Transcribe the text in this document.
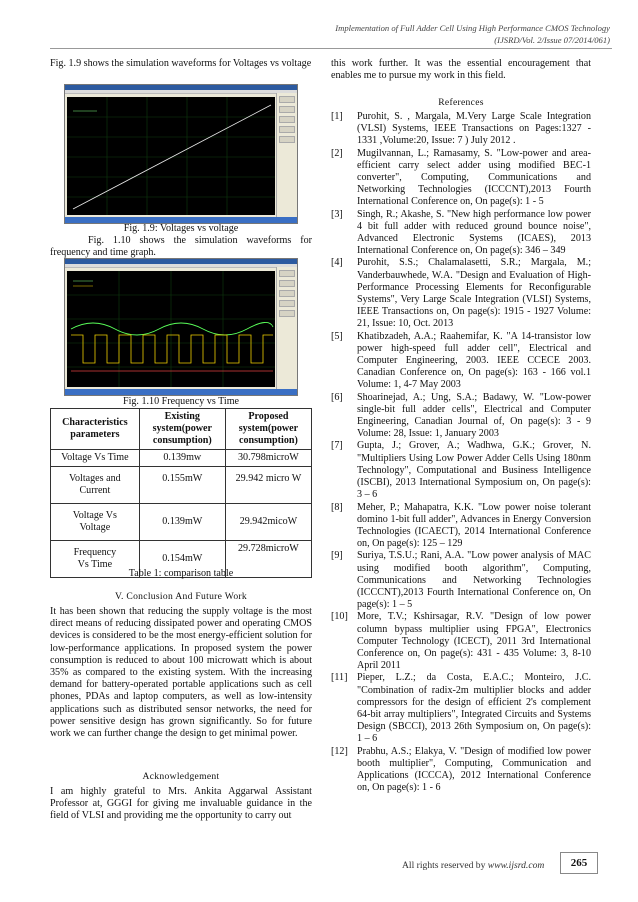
Implementation of Full Adder Cell Using High Performance CMOS Technology
(IJSRD/Vol. 2/Issue 07/2014/061)
Fig. 1.9 shows the simulation waveforms for Voltages vs voltage
Fig. 1.9: Voltages vs voltage
Fig. 1.10 shows the simulation waveforms for frequency and time graph.
Fig. 1.10 Frequency vs Time
Characteristics parameters	Existing system(power consumption)	Proposed system(power consumption)
Voltage Vs Time	0.139mw	30.798microW
Voltages and Current	0.155mW	29.942 micro W
Voltage Vs Voltage	0.139mW	29.942micoW
Frequency Vs Time	0.154mW	29.728microW
Table 1: comparison table
V. Conclusion And Future Work
It has been shown that reducing the supply voltage is the most direct means of reducing dissipated power and operating CMOS devices is considered to be the most energy-efficient solution for low-performance applications. In proposed system the power consumption is reduced to about 100 microwatt which is about 35% as compared to the existing system. With the increasing demand for battery-operated portable applications such as cell phones, PDAs and laptop computers, as well as low-intensity applications such as distributed sensor networks, the need for power sensitive design has grown significantly. So for future work we can further change the design to get minimal power.
Acknowledgement
I am highly grateful to Mrs. Ankita Aggarwal Assistant Professor at, GGGI for giving me invaluable guidance in the field of VLSI and providing me the opportunity to carry out
this work further. It was the essential encouragement that enables me to pursue my work in this field.
References
[1] Purohit, S. , Margala, M.Very Large Scale Integration (VLSI) Systems, IEEE Transactions on Pages:1327 - 1331 ,Volume:20, Issue: 7 ) July 2012 .
[2] Mugilvannan, L.; Ramasamy, S. "Low-power and area-efficient carry select adder using modified BEC-1 converter", Computing, Communications and Networking Technologies (ICCCNT),2013 Fourth International Conference on, On page(s): 1 - 5
[3] Singh, R.; Akashe, S. "New high performance low power 4 bit full adder with reduced ground bounce noise", Advanced Electronic Systems (ICAES), 2013 International Conference on, On page(s): 346 – 349
[4] Purohit, S.S.; Chalamalasetti, S.R.; Margala, M.; Vanderbauwhede, W.A. "Design and Evaluation of High-Performance Processing Elements for Reconfigurable Systems", Very Large Scale Integration (VLSI) Systems, IEEE Transactions on, On page(s): 1915 - 1927 Volume: 21, Issue: 10, Oct. 2013
[5] Khatibzadeh, A.A.; Raahemifar, K. "A 14-transistor low power high-speed full adder cell", Electrical and Computer Engineering, 2003. IEEE CCECE 2003. Canadian Conference on, On page(s): 163 - 166 vol.1 Volume: 1, 4-7 May 2003
[6] Shoarinejad, A.; Ung, S.A.; Badawy, W. "Low-power single-bit full adder cells", Electrical and Computer Engineering, Canadian Journal of, On page(s): 3 - 9 Volume: 28, Issue: 1, January 2003
[7] Gupta, J.; Grover, A.; Wadhwa, G.K.; Grover, N. "Multipliers Using Low Power Adder Cells Using 180nm Technology", Computational and Business Intelligence (ISCBI), 2013 International Symposium on, On page(s): 3 – 6
[8] Meher, P.; Mahapatra, K.K. "Low power noise tolerant domino 1-bit full adder", Advances in Energy Conversion Technologies (ICAECT), 2014 International Conference on, On page(s): 125 – 129
[9] Suriya, T.S.U.; Rani, A.A. "Low power analysis of MAC using modified booth algorithm", Computing, Communications and Networking Technologies (ICCCNT),2013 Fourth International Conference on, On page(s): 1 – 5
[10] More, T.V.; Kshirsagar, R.V. "Design of low power column bypass multiplier using FPGA", Electronics Computer Technology (ICECT), 2011 3rd International Conference on, On page(s): 431 - 435 Volume: 3, 8-10 April 2011
[11] Pieper, L.Z.; da Costa, E.A.C.; Monteiro, J.C. "Combination of radix-2m multiplier blocks and adder compressors for the design of efficient 2's complement 64-bit array multipliers", Integrated Circuits and Systems Design (SBCCI), 2013 26th Symposium on, On page(s): 1 – 6
[12] Prabhu, A.S.; Elakya, V. "Design of modified low power booth multiplier", Computing, Communication and Applications (ICCCA), 2012 International Conference on, On page(s): 1 - 6
All rights reserved by www.ijsrd.com	265
